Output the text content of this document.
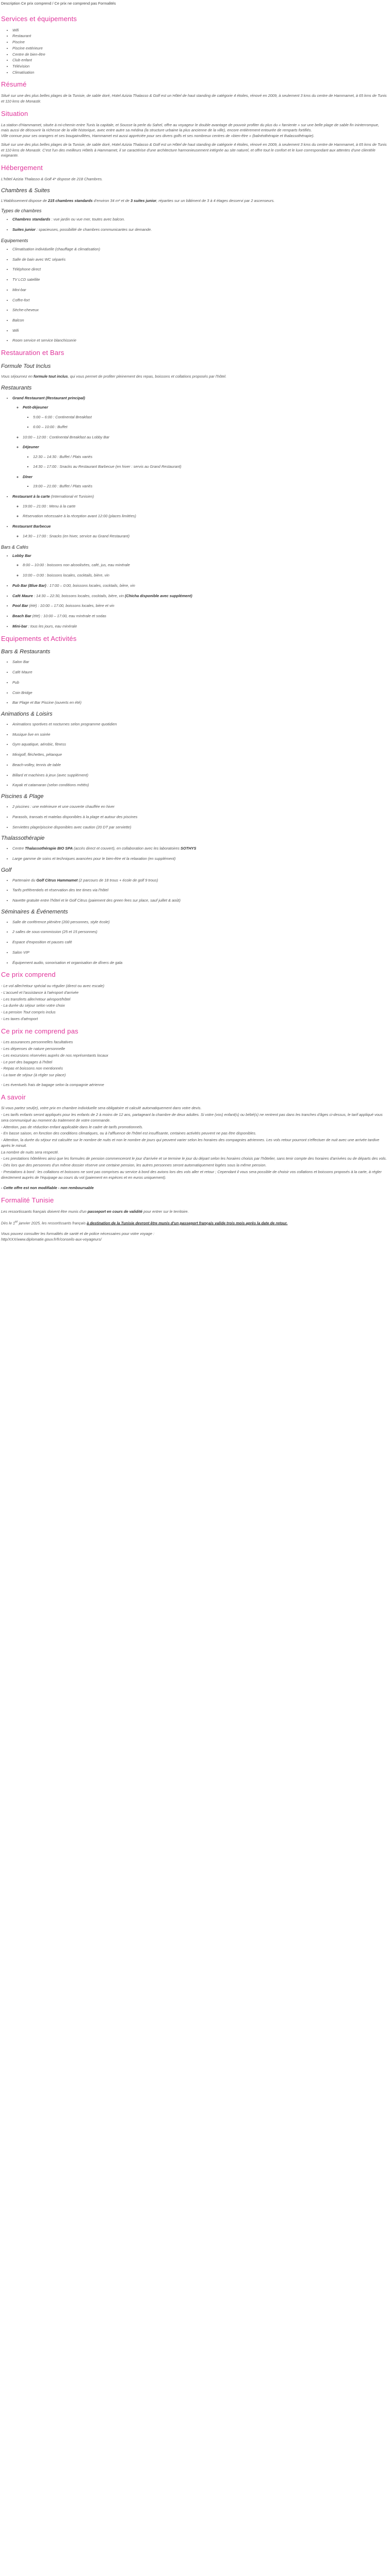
Description Ce prix comprend / Ce prix ne comprend pas Formalités
Services et équipements
• Wifi
• Restaurant
• Piscine
• Piscine extérieure
• Centre de bien-être
• Club enfant
• Télévision
• Climatisation
Résumé

Situé sur une des plus belles plages de la Tunisie, de sable doré, Hotel Azizia Thalasso & Golf est un Hôtel de haut standing de catégorie 4 étoiles, rénové en 2009, à seulement 3 kms du centre de Hammamet, à 65 kms de Tunis et 110 kms de Monastir.

Situation

La station d'Hammamet, située à mi-chemin entre Tunis la capitale, et Sousse la perle du Sahel, offre au voyageur le double avantage de pouvoir profiter du plus du « farniente » sur une belle plage de sable fin ininterrompue,
mais aussi de découvrir la richesse de la ville historique, avec entre autre sa médina (la structure urbaine la plus ancienne de la ville), encore entièrement entourée de remparts fortifiés.
Ville connue pour ses orangers et ses bougainvillées, Hammamet est aussi appréciée pour ses divers golfs et ses nombreux centres de «bien-être » (balnéothérapie et thalassothérapie).

Situé sur une des plus belles plages de la Tunisie, de sable doré, Hotel Azizia Thalasso & Golf est un Hôtel de haut standing de catégorie 4 étoiles, rénové en 2009, à seulement 3 kms du centre de Hammamet, à 65 kms de Tunis et 110 kms de Monastir. C'est l'un des meilleurs Hôtels à Hammamet, il se caractérise d'une architecture harmonieusement intégrée au site naturel, et offre tout le confort et le luxe correspondant aux attentes d'une clientèle exigeante.

Hébergement

L'hôtel Azizia Thalasso & Golf 4* dispose de 218 Chambres.

Chambres & Suites

L'établissement dispose de 215 chambres standards d'environ 34 m² et de 3 suites junior, réparties sur un bâtiment de 3 à 4 étages desservi par 2 ascenseurs.

Types de chambres
• Chambres standards : vue jardin ou vue mer, toutes avec balcon.
• Suites junior : spacieuses, possibilité de chambres communicantes sur demande.
Equipements
• Climatisation individuelle (chauffage & climatisation)
• Salle de bain avec WC séparés
• Téléphone direct
• TV LCD satellite
• Mini-bar
• Coffre-fort
• Sèche-cheveux
• Balcon
• Wifi
• Room service et service blanchisserie
Restauration et Bars
Formule Tout Inclus

Vous séjournez en formule tout inclus, qui vous permet de profiter pleinement des repas, boissons et collations proposés par l'hôtel.

Restaurants
• Grand Restaurant (Restaurant principal)
◦ Petit-déjeuner
▪ 5:00 – 6:00 : Continental Breakfast
▪ 6:00 – 10:00 : Buffet
◦ 10:00 – 12:00 : Continental Breakfast au Lobby Bar
◦ Déjeuner
▪ 12:30 – 14:30 : Buffet / Plats variés
▪ 14:30 – 17:00 : Snacks au Restaurant Barbecue (en hiver : servis au Grand Restaurant)
◦ Dîner
▪ 19:00 – 21:00 : Buffet / Plats variés
• Restaurant à la carte (International et Tunisien)
◦ 19:00 – 21:00 : Menu à la carte
◦ Réservation nécessaire à la réception avant 12:00 (places limitées)
• Restaurant Barbecue
◦ 14:30 – 17:00 : Snacks (en hiver, service au Grand Restaurant)
Bars & Cafés
• Lobby Bar
◦ 8:00 – 10:00 : boissons non alcoolisées, café, jus, eau minérale
◦ 10:00 – 0:00 : boissons locales, cocktails, bière, vin
• Pub Bar (Blue Bar) : 17:00 – 0:00, boissons locales, cocktails, bière, vin
• Café Maure : 14:30 – 22:30, boissons locales, cocktails, bière, vin (Chicha disponible avec supplément)
• Pool Bar (été) : 10:00 – 17:00, boissons locales, bière et vin
• Beach Bar (été) : 10:00 – 17:00, eau minérale et sodas
• Mini-bar : tous les jours, eau minérale
Equipements et Activités
Bars & Restaurants
• Salon Bar
• Café Maure
• Pub
• Coin Bridge
• Bar Plage et Bar Piscine (ouverts en été)
Animations & Loisirs
• Animations sportives et nocturnes selon programme quotidien
• Musique live en soirée
• Gym aquatique, aérobic, fitness
• Minigolf, fléchettes, pétanque
• Beach-volley, tennis de table
• Billard et machines à jeux (avec supplément)
• Kayak et catamaran (selon conditions météo)
Piscines & Plage
• 2 piscines : une extérieure et une couverte chauffée en hiver
• Parasols, transats et matelas disponibles à la plage et autour des piscines
• Serviettes plage/piscine disponibles avec caution (20 DT par serviette)
Thalassothérapie
• Centre Thalassothérapie BIO SPA (accès direct et couvert), en collaboration avec les laboratoires SOTHYS
• Large gamme de soins et techniques avancées pour le bien-être et la relaxation (en supplément)
Golf
• Partenaire du Golf Citrus Hammamet (2 parcours de 18 trous + école de golf 9 trous)
• Tarifs préférentiels et réservation des tee times via l'hôtel
• Navette gratuite entre l'hôtel et le Golf Citrus (paiement des green fees sur place, sauf juillet & août)
Séminaires & Événements
• Salle de conférence plénière (200 personnes, style école)
• 2 salles de sous-commission (25 et 15 personnes)
• Espace d'exposition et pauses café
• Salon VIP
• Équipement audio, sonorisation et organisation de dîners de gala
Ce prix comprend

- Le vol aller/retour spécial ou régulier (direct ou avec escale)

- L'accueil et l'assistance à l'aéroport d'arrivée

- Les transferts aller/retour aéroport/hôtel

- La durée du séjour selon votre choix

- La pension Tout compris inclus

- Les taxes d'aéroport

Ce prix ne comprend pas

- Les assurances personnelles facultatives

- Les dépenses de nature personnelle

- Les excursions réservées auprès de nos représentants locaux

- Le port des bagages à l'hôtel

- Repas et boissons non mentionnés

- La taxe de séjour (à régler sur place)

- Les éventuels frais de bagage selon la compagnie aérienne

A savoir

Si vous partez seul(e), votre prix en chambre individuelle sera obligatoire et calculé automatiquement dans votre devis.

- Les tarifs enfants seront appliqués pour les enfants de 2 à moins de 12 ans, partageant la chambre de deux adultes. Si votre (vos) enfant(s) ou bébé(s) ne rentrent pas dans les tranches d'âges ci-dessus, le tarif appliqué vous sera communiqué au moment du traitement de votre commande.

- Attention, pas de réduction enfant applicable dans le cadre de tarifs promotionnels.

- En basse saison, en fonction des conditions climatiques, ou à l'affluence de l'hôtel est insuffisante, certaines activités peuvent ne pas être disponibles.

- Attention, la durée du séjour est calculée sur le nombre de nuits et non le nombre de jours qui peuvent varier selon les horaires des compagnies aériennes. Les vols retour pourront s'effectuer de nuit avec une arrivée tardive après le minuit.

La nombre de nuits sera respecté.

- Les prestations hôtelières ainsi que les formules de pension commenceront le jour d'arrivée et se termine le jour du départ selon les horaires choisis par l'hôtelier, sans tenir compte des horaires d'arrivées ou de départs des vols.

- Dès lors que des personnes d'un même dossier réserve une certaine pension, les autres personnes seront automatiquement logées sous la même pension.

- Prestations à bord : les collations et boissons ne sont pas comprises au service à bord des avions lors des vols aller et retour ; Cependant il vous sera possible de choisir vos collations et boissons proposés à la carte, à régler directement auprès de l'équipage au cours du vol (paiement en espèces et en euros uniquement).

- Cette offre est non modifiable - non remboursable

Formalité Tunisie

Les ressortissants français doivent être munis d'un passeport en cours de validité pour entrer sur le territoire.

Dès le 1er janvier 2025, les ressortissants français à destination de la Tunisie devront être munis d'un passeport français valide trois mois après la date de retour.

Vous pouvez consulter les formalités de santé et de police nécessaires pour votre voyage :

http/XXX/www.diplomatie.gouv.fr/fr/conseils-aux-voyageurs/
